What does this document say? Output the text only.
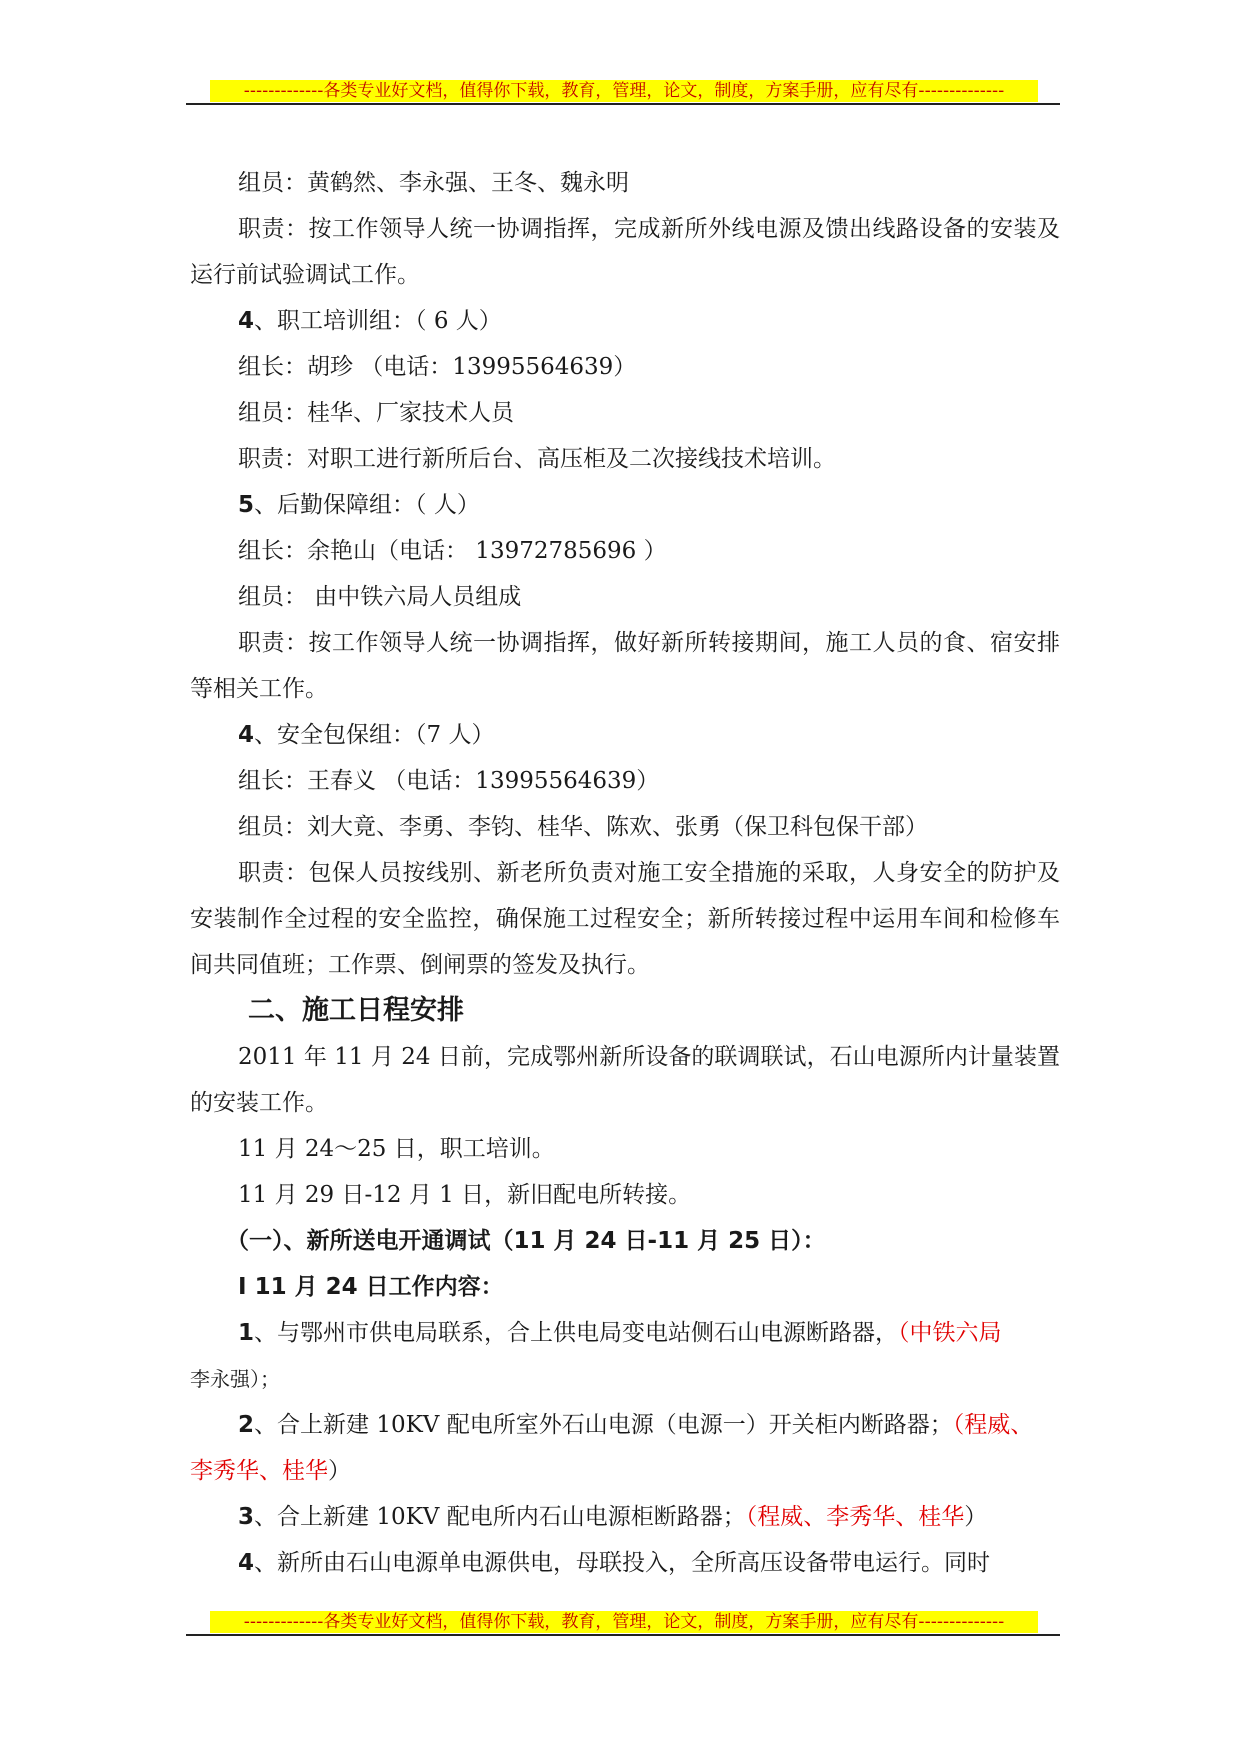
-------------各类专业好文档，值得你下载，教育，管理，论文，制度，方案手册，应有尽有--------------

组员：黄鹤然、李永强、王冬、魏永明

职责：按工作领导人统一协调指挥，完成新所外线电源及馈出线路设备的安装及运行前试验调试工作。

4、职工培训组：（ 6 人）

组长：胡珍 （电话：13995564639）

组员：桂华、厂家技术人员

职责：对职工进行新所后台、高压柜及二次接线技术培训。

5、后勤保障组：（ 人）

组长：余艳山（电话： 13972785696 ）

组员： 由中铁六局人员组成

职责：按工作领导人统一协调指挥，做好新所转接期间，施工人员的食、宿安排等相关工作。

4、安全包保组：（7 人）

组长：王春义 （电话：13995564639）

组员：刘大竟、李勇、李钧、桂华、陈欢、张勇（保卫科包保干部）

职责：包保人员按线别、新老所负责对施工安全措施的采取，人身安全的防护及安装制作全过程的安全监控，确保施工过程安全；新所转接过程中运用车间和检修车间共同值班；工作票、倒闸票的签发及执行。

二、施工日程安排

2011 年 11 月 24 日前，完成鄂州新所设备的联调联试，石山电源所内计量装置的安装工作。

11 月 24～25 日，职工培训。

11 月 29 日-12 月 1 日，新旧配电所转接。

（一）、新所送电开通调试（11 月 24 日-11 月 25 日）：

Ⅰ 11 月 24 日工作内容：

1、与鄂州市供电局联系，合上供电局变电站侧石山电源断路器，（中铁六局
李永强）；

2、合上新建 10KV 配电所室外石山电源（电源一）开关柜内断路器；（程威、
李秀华、桂华）

3、合上新建 10KV 配电所内石山电源柜断路器；（程威、李秀华、桂华）

4、新所由石山电源单电源供电，母联投入，全所高压设备带电运行。同时

-------------各类专业好文档，值得你下载，教育，管理，论文，制度，方案手册，应有尽有--------------
